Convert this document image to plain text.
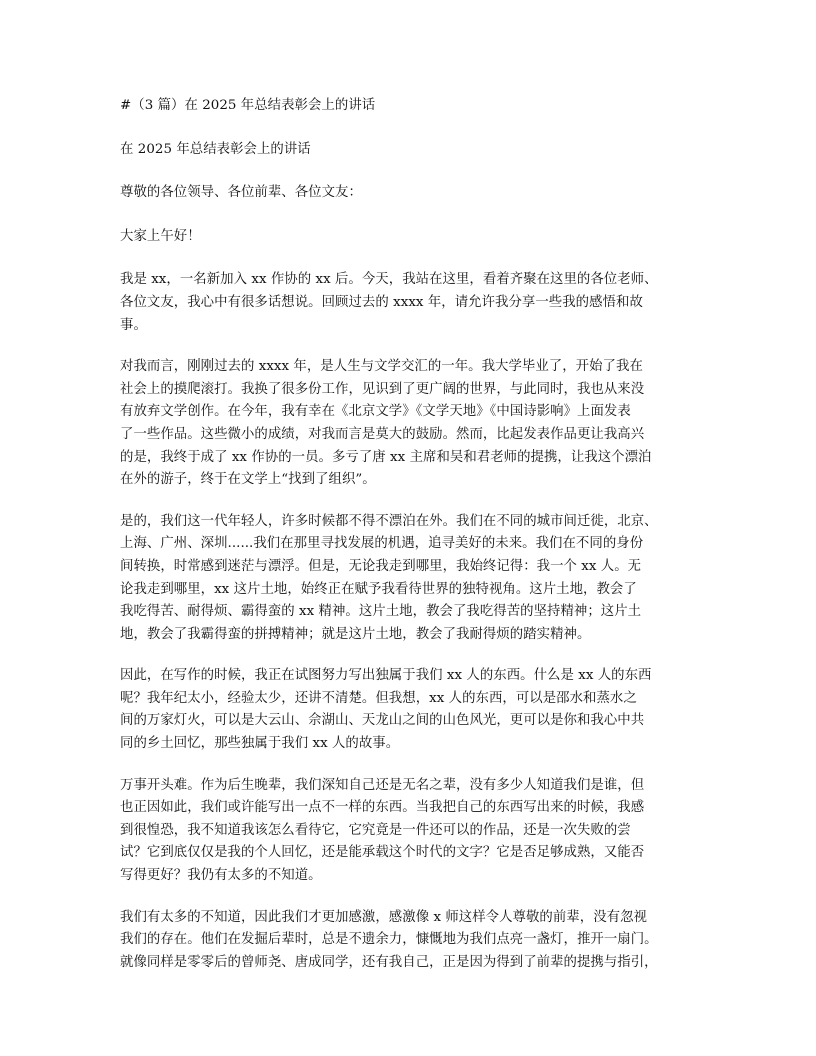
#（3 篇）在 2025 年总结表彰会上的讲话
在 2025 年总结表彰会上的讲话
尊敬的各位领导、各位前辈、各位文友：
大家上午好！
我是 xx，一名新加入 xx 作协的 xx 后。今天，我站在这里，看着齐聚在这里的各位老师、
各位文友，我心中有很多话想说。回顾过去的 xxxx 年，请允许我分享一些我的感悟和故
事。
对我而言，刚刚过去的 xxxx 年，是人生与文学交汇的一年。我大学毕业了，开始了我在
社会上的摸爬滚打。我换了很多份工作，见识到了更广阔的世界，与此同时，我也从来没
有放弃文学创作。在今年，我有幸在《北京文学》《文学天地》《中国诗影响》上面发表
了一些作品。这些微小的成绩，对我而言是莫大的鼓励。然而，比起发表作品更让我高兴
的是，我终于成了 xx 作协的一员。多亏了唐 xx 主席和吴和君老师的提携，让我这个漂泊
在外的游子，终于在文学上“找到了组织”。
是的，我们这一代年轻人，许多时候都不得不漂泊在外。我们在不同的城市间迁徙，北京、
上海、广州、深圳......我们在那里寻找发展的机遇，追寻美好的未来。我们在不同的身份
间转换，时常感到迷茫与漂浮。但是，无论我走到哪里，我始终记得：我一个 xx 人。无
论我走到哪里，xx 这片土地，始终正在赋予我看待世界的独特视角。这片土地，教会了
我吃得苦、耐得烦、霸得蛮的 xx 精神。这片土地，教会了我吃得苦的坚持精神；这片土
地，教会了我霸得蛮的拼搏精神；就是这片土地，教会了我耐得烦的踏实精神。
因此，在写作的时候，我正在试图努力写出独属于我们 xx 人的东西。什么是 xx 人的东西
呢？我年纪太小，经验太少，还讲不清楚。但我想，xx 人的东西，可以是邵水和蒸水之
间的万家灯火，可以是大云山、佘湖山、天龙山之间的山色风光，更可以是你和我心中共
同的乡土回忆，那些独属于我们 xx 人的故事。
万事开头难。作为后生晚辈，我们深知自己还是无名之辈，没有多少人知道我们是谁，但
也正因如此，我们或许能写出一点不一样的东西。当我把自己的东西写出来的时候，我感
到很惶恐，我不知道我该怎么看待它，它究竟是一件还可以的作品，还是一次失败的尝
试？它到底仅仅是我的个人回忆，还是能承载这个时代的文字？它是否足够成熟，又能否
写得更好？我仍有太多的不知道。
我们有太多的不知道，因此我们才更加感激，感激像 x 师这样令人尊敬的前辈，没有忽视
我们的存在。他们在发掘后辈时，总是不遗余力，慷慨地为我们点亮一盏灯，推开一扇门。
就像同样是零零后的曾师尧、唐成同学，还有我自己，正是因为得到了前辈的提携与指引，
